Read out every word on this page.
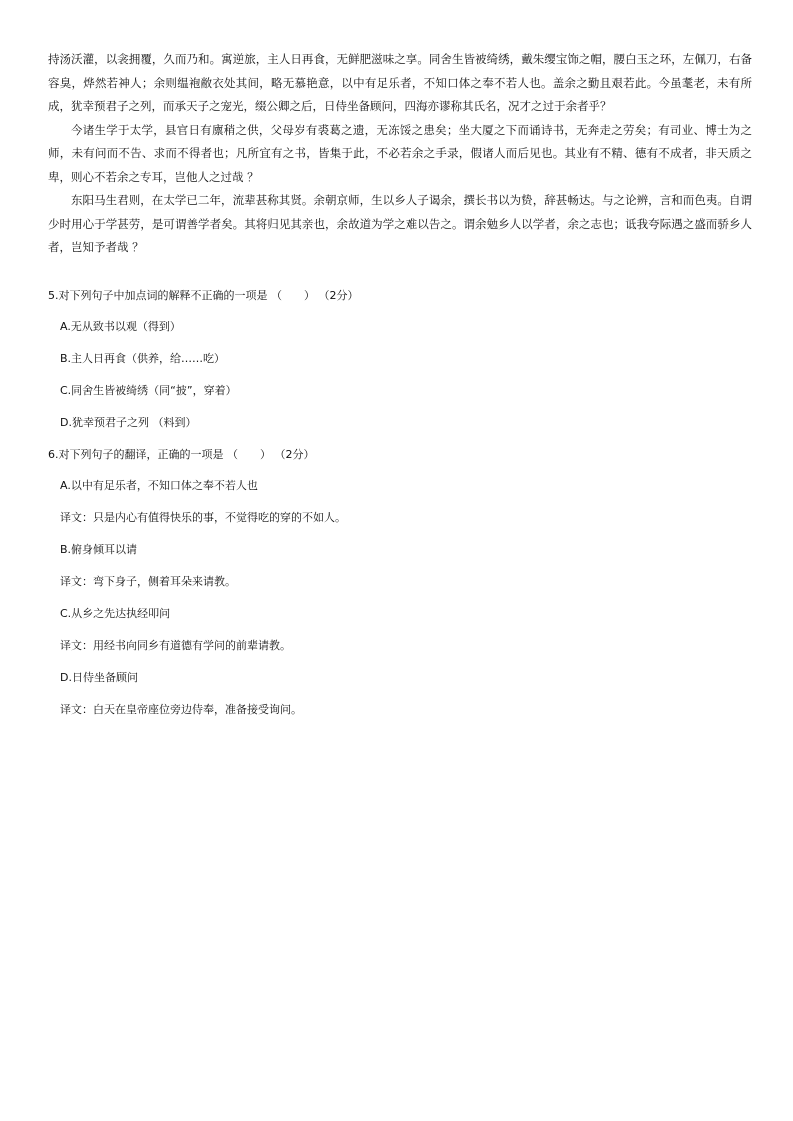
持汤沃灌，以衾拥覆，久而乃和。寓逆旅，主人日再食，无鲜肥滋味之享。同舍生皆被绮绣，戴朱缨宝饰之帽，腰白玉之环，左佩刀，右备容臭，烨然若神人；余则缊袍敝衣处其间，略无慕艳意，以中有足乐者，不知口体之奉不若人也。盖余之勤且艰若此。今虽耄老，未有所成，犹幸预君子之列，而承天子之宠光，缀公卿之后，日侍坐备顾问，四海亦谬称其氏名，况才之过于余者乎？

今诸生学于太学，县官日有廪稍之供，父母岁有裘葛之遗，无冻馁之患矣；坐大厦之下而诵诗书，无奔走之劳矣；有司业、博士为之师，未有问而不告、求而不得者也；凡所宜有之书，皆集于此，不必若余之手录，假诸人而后见也。其业有不精、德有不成者，非天质之卑，则心不若余之专耳，岂他人之过哉 ？

东阳马生君则，在太学已二年，流辈甚称其贤。余朝京师，生以乡人子谒余，撰长书以为贽，辞甚畅达。与之论辨，言和而色夷。自谓少时用心于学甚劳，是可谓善学者矣。其将归见其亲也，余故道为学之难以告之。谓余勉乡人以学者，余之志也；诋我夸际遇之盛而骄乡人者，岂知予者哉 ？

5.对下列句子中加点词的解释不正确的一项是 （　　） （2分）

A.无从致书以观（得到）

B.主人日再食（供养，给……吃）

C.同舍生皆被绮绣（同“披”，穿着）

D.犹幸预君子之列 （料到）

6.对下列句子的翻译，正确的一项是 （　　） （2分）

A.以中有足乐者，不知口体之奉不若人也

译文：只是内心有值得快乐的事，不觉得吃的穿的不如人。

B.俯身倾耳以请

译文：弯下身子，侧着耳朵来请教。

C.从乡之先达执经叩问

译文：用经书向同乡有道德有学问的前辈请教。

D.日侍坐备顾问

译文：白天在皇帝座位旁边侍奉，准备接受询问。
